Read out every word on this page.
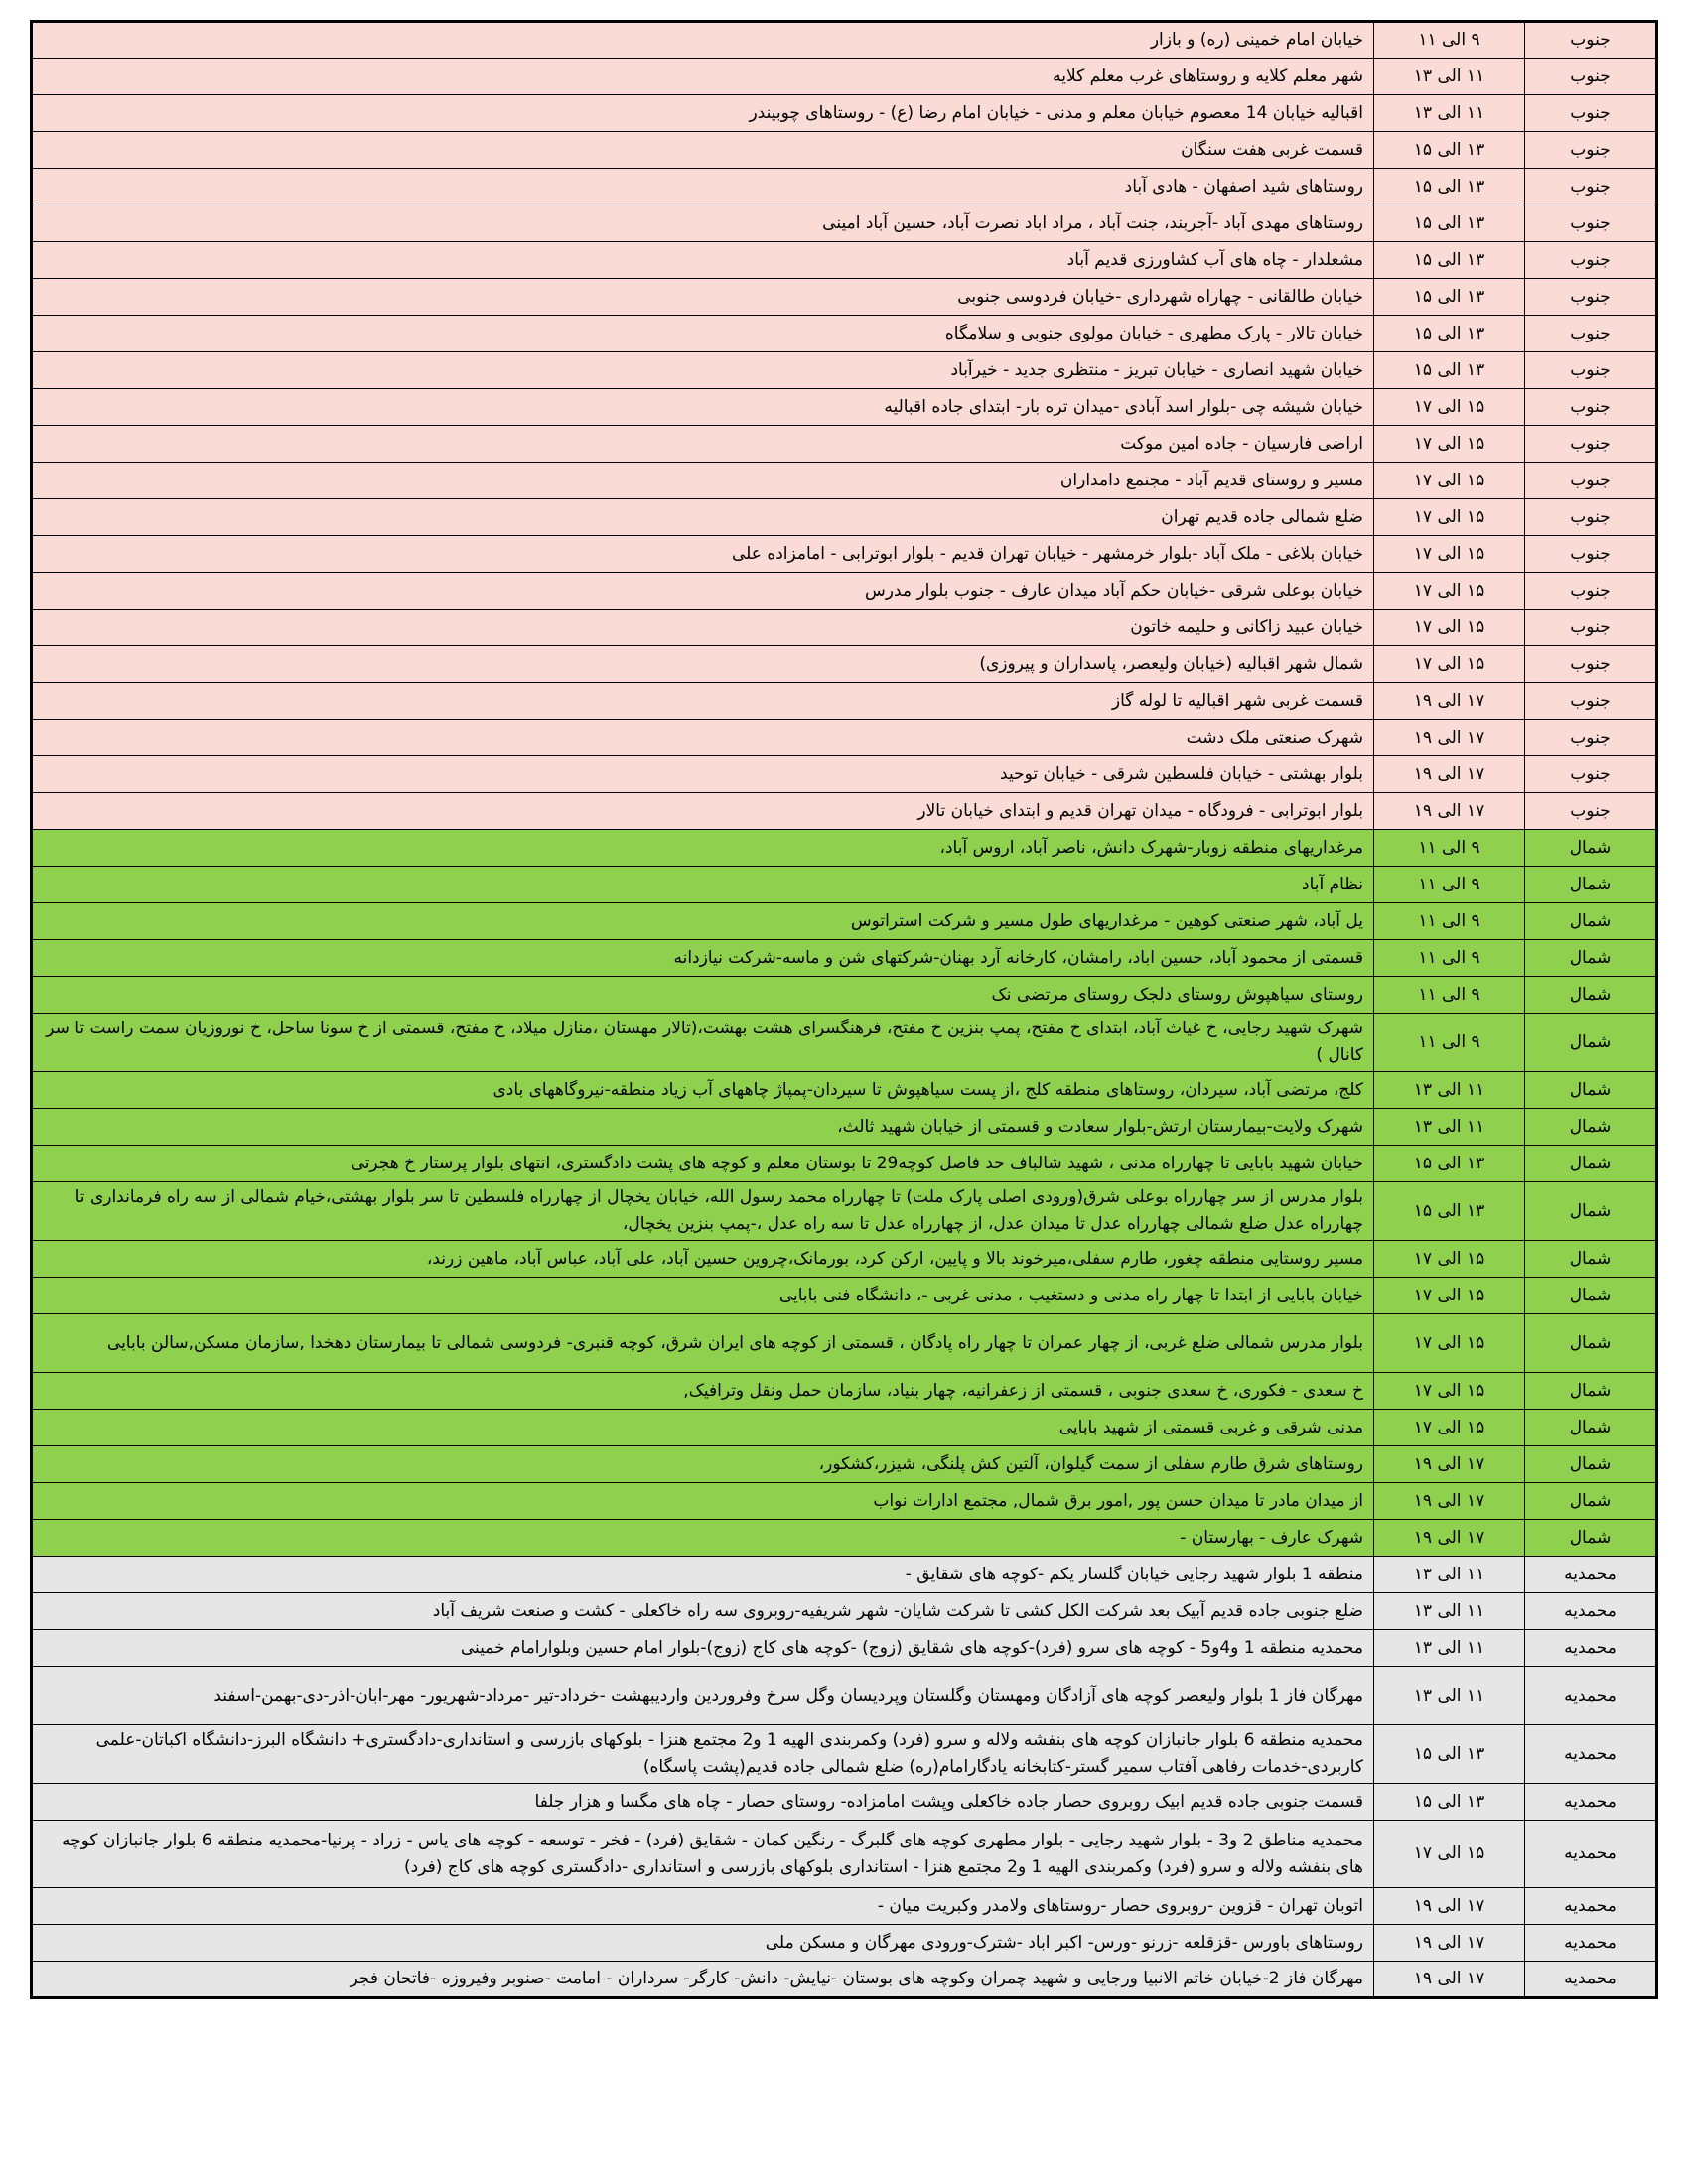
جنوب	۹ الی ۱۱	خیابان امام خمینی (ره) و بازار
جنوب	۱۱ الی ۱۳	شهر معلم کلایه و روستاهای غرب معلم کلایه
جنوب	۱۱ الی ۱۳	اقبالیه خیابان 14 معصوم خیابان معلم و مدنی - خیابان امام رضا (ع) - روستاهای چوبیندر
جنوب	۱۳ الی ۱۵	قسمت غربی هفت سنگان
جنوب	۱۳ الی ۱۵	روستاهای شید اصفهان - هادی آباد
جنوب	۱۳ الی ۱۵	روستاهای مهدی آباد -آجربند، جنت آباد ، مراد اباد نصرت آباد، حسین آباد امینی
جنوب	۱۳ الی ۱۵	مشعلدار - چاه های آب کشاورزی قدیم آباد
جنوب	۱۳ الی ۱۵	خیابان طالقانی - چهاراه شهرداری -خیابان فردوسی جنوبی
جنوب	۱۳ الی ۱۵	خیابان تالار - پارک مطهری - خیابان مولوی جنوبی و سلامگاه
جنوب	۱۳ الی ۱۵	خیابان شهید انصاری - خیابان تبریز - منتظری جدید - خیرآباد
جنوب	۱۵ الی ۱۷	خیابان شیشه چی -بلوار اسد آبادی -میدان تره بار- ابتدای جاده اقبالیه
جنوب	۱۵ الی ۱۷	اراضی فارسیان - جاده امین موکت
جنوب	۱۵ الی ۱۷	مسیر و روستای قدیم آباد - مجتمع دامداران
جنوب	۱۵ الی ۱۷	ضلع شمالی جاده قدیم تهران
جنوب	۱۵ الی ۱۷	خیابان بلاغی - ملک آباد -بلوار خرمشهر - خیابان تهران قدیم - بلوار ابوترابی - امامزاده علی
جنوب	۱۵ الی ۱۷	خیابان بوعلی شرقی -خیابان حکم آباد میدان عارف - جنوب بلوار مدرس
جنوب	۱۵ الی ۱۷	خیابان عبید زاکانی و حلیمه خاتون
جنوب	۱۵ الی ۱۷	شمال شهر اقبالیه (خیابان ولیعصر، پاسداران و پیروزی)
جنوب	۱۷ الی ۱۹	قسمت غربی شهر اقبالیه تا لوله گاز
جنوب	۱۷ الی ۱۹	شهرک صنعتی ملک دشت
جنوب	۱۷ الی ۱۹	بلوار بهشتی - خیابان فلسطین شرقی - خیابان توحید
جنوب	۱۷ الی ۱۹	بلوار ابوترابی - فرودگاه - میدان تهران قدیم و ابتدای خیابان تالار
شمال	۹ الی ۱۱	مرغداریهای منطقه زوبار-شهرک دانش، ناصر آباد، اروس آباد،
شمال	۹ الی ۱۱	نظام آباد
شمال	۹ الی ۱۱	یل آباد، شهر صنعتی کوهین - مرغداریهای طول مسیر و شرکت استراتوس
شمال	۹ الی ۱۱	قسمتی از محمود آباد، حسین اباد، رامشان، کارخانه آرد بهنان-شرکتهای شن و ماسه-شرکت نیازدانه
شمال	۹ الی ۱۱	روستای سیاهپوش روستای دلجک روستای مرتضی نک
شمال	۹ الی ۱۱	شهرک شهید رجایی، خ غیاث آباد، ابتدای خ مفتح، پمپ بنزین خ مفتح، فرهنگسرای هشت بهشت،(تالار مهستان ،منازل میلاد، خ مفتح، قسمتی از خ سونا ساحل، خ نوروزیان سمت راست تا سر کانال )
شمال	۱۱ الی ۱۳	کلج، مرتضی آباد، سیردان، روستاهای منطقه کلج ،از پست سیاهپوش تا سیردان-پمپاژ چاههای آب زیاد منطقه-نیروگاههای بادی
شمال	۱۱ الی ۱۳	شهرک ولایت-بیمارستان ارتش-بلوار سعادت و قسمتی از خیابان شهید ثالث،
شمال	۱۳ الی ۱۵	خیابان شهید بابایی تا چهارراه مدنی ، شهید شالباف حد فاصل کوچه29 تا بوستان معلم و کوچه های پشت دادگستری، انتهای بلوار پرستار خ هجرتی
شمال	۱۳ الی ۱۵	بلوار مدرس از سر چهارراه بوعلی شرق(ورودی اصلی پارک ملت) تا چهارراه محمد رسول الله، خیابان یخچال از چهارراه فلسطین تا سر بلوار بهشتی،خیام شمالی از سه راه فرمانداری تا چهارراه عدل ضلع شمالی چهارراه عدل تا میدان عدل، از چهارراه عدل تا سه راه عدل ،-پمپ بنزین یخچال،
شمال	۱۵ الی ۱۷	مسیر روستایی منطقه چغور، طارم سفلی،میرخوند بالا و پایین، ارکن کرد، بورمانک،چروین حسین آباد، علی آباد، عباس آباد، ماهین زرند،
شمال	۱۵ الی ۱۷	خیابان بابایی از ابتدا تا چهار راه مدنی و دستغیب ، مدنی غربی -، دانشگاه فنی بابایی
شمال	۱۵ الی ۱۷	بلوار مدرس شمالی ضلع غربی، از چهار عمران تا چهار راه پادگان ، قسمتی از کوچه های ایران شرق، کوچه قنبری- فردوسی شمالی تا بیمارستان دهخدا ,سازمان مسکن,سالن بابایی
شمال	۱۵ الی ۱۷	خ سعدی - فکوری، خ سعدی جنوبی ، قسمتی از زعفرانیه، چهار بنیاد، سازمان حمل ونقل وترافیک,
شمال	۱۵ الی ۱۷	مدنی شرقی و غربی قسمتی از شهید بابایی
شمال	۱۷ الی ۱۹	روستاهای شرق طارم سفلی از سمت گیلوان، آلتین کش پلنگی، شیزر،کشکور،
شمال	۱۷ الی ۱۹	از میدان مادر تا میدان حسن پور ,امور برق شمال, مجتمع ادارات نواب
شمال	۱۷ الی ۱۹	شهرک عارف - بهارستان -
محمدیه	۱۱ الی ۱۳	منطقه 1 بلوار شهید رجایی خیابان گلسار یکم -کوچه های شقایق -
محمدیه	۱۱ الی ۱۳	ضلع جنوبی جاده قدیم آبیک بعد شرکت الکل کشی تا شرکت شایان- شهر شریفیه-روبروی سه راه خاکعلی - کشت و صنعت شریف آباد
محمدیه	۱۱ الی ۱۳	محمدیه منطقه 1 و4و5 - کوچه های سرو (فرد)-کوچه های شقایق (زوج) -کوچه های کاج (زوج)-بلوار امام حسین وبلوارامام خمینی
محمدیه	۱۱ الی ۱۳	مهرگان فاز 1 بلوار ولیعصر کوچه های آزادگان ومهستان وگلستان وپردیسان وگل سرخ وفروردین واردیبهشت -خرداد-تیر -مرداد-شهریور- مهر-ابان-اذر-دی-بهمن-اسفند
محمدیه	۱۳ الی ۱۵	محمدیه منطقه 6 بلوار جانبازان کوچه های بنفشه ولاله و سرو (فرد) وکمربندی الهیه 1 و2 مجتمع هنزا - بلوکهای بازرسی و استانداری-دادگستری+ دانشگاه البرز-دانشگاه اکباتان-علمی کاربردی-خدمات رفاهی آفتاب سمیر گستر-کتابخانه یادگارامام(ره) ضلع شمالی جاده قدیم(پشت پاسگاه)
محمدیه	۱۳ الی ۱۵	قسمت جنوبی جاده قدیم ابیک روبروی حصار جاده خاکعلی وپشت امامزاده- روستای حصار - چاه های مگسا و هزار جلفا
محمدیه	۱۵ الی ۱۷	محمدیه مناطق 2 و3 - بلوار شهید رجایی - بلوار مطهری کوچه های گلبرگ - رنگین کمان - شقایق (فرد) - فخر - توسعه - کوچه های یاس - زراد - پرنیا-محمدیه منطقه 6 بلوار جانبازان کوچه های بنفشه ولاله و سرو (فرد) وکمربندی الهیه 1 و2 مجتمع هنزا - استانداری بلوکهای بازرسی و استانداری -دادگستری کوچه های کاج (فرد)
محمدیه	۱۷ الی ۱۹	اتوبان تهران - قزوین -روبروی حصار -روستاهای ولامدر وکبریت میان -
محمدیه	۱۷ الی ۱۹	روستاهای باورس -قزقلعه -زرنو -ورس- اکبر اباد -شترک-ورودی مهرگان و مسکن ملی
محمدیه	۱۷ الی ۱۹	مهرگان فاز 2-خیابان خاتم الانبیا ورجایی و شهید چمران وکوچه های بوستان -نیایش- دانش- کارگر- سرداران - امامت -صنوبر وفیروزه -فاتحان فجر
